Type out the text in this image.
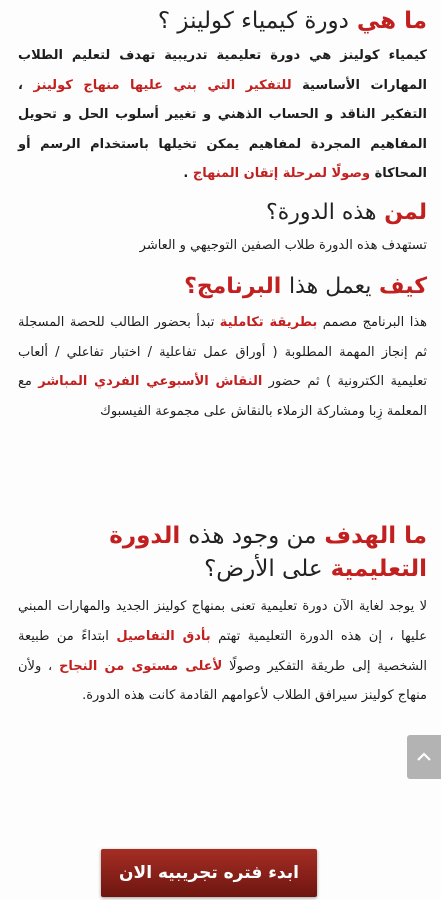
ما هي دورة كيمياء كولينز ؟

كيمياء كولينز هي دورة تعليمية تدريبية تهدف لتعليم الطلاب المهارات الأساسية للتفكير التي بني عليها منهاج كولينز ، التفكير الناقد و الحساب الذهني و تغيير أسلوب الحل و تحويل المفاهيم المجردة لمفاهيم يمكن تخيلها باستخدام الرسم أو المحاكاة وصولًا لمرحلة إتقان المنهاج .

لمن هذه الدورة؟

تستهدف هذه الدورة طلاب الصفين التوجيهي و العاشر

كيف يعمل هذا البرنامج؟

هذا البرنامج مصمم بطريقة تكاملية تبدأ بحضور الطالب للحصة المسجلة ثم إنجاز المهمة المطلوبة ( أوراق عمل تفاعلية / اختبار تفاعلي / ألعاب تعليمية الكترونية ) ثم حضور النقاش الأسبوعي الفردي المباشر مع المعلمة زِبا ومشاركة الزملاء بالنقاش على مجموعة الفيسبوك

ما الهدف من وجود هذه الدورة التعليمية على الأرض؟

لا يوجد لغاية الآن دورة تعليمية تعنى بمنهاج كولينز الجديد والمهارات المبني عليها ، إن هذه الدورة التعليمية تهتم بأدق التفاصيل ابتداءً من طبيعة الشخصية إلى طريقة التفكير وصولًا لأعلى مستوى من النجاح ، ولأن منهاج كولينز سيرافق الطلاب لأعوامهم القادمة كانت هذه الدورة.

ابدء فتره تجريبيه الان
